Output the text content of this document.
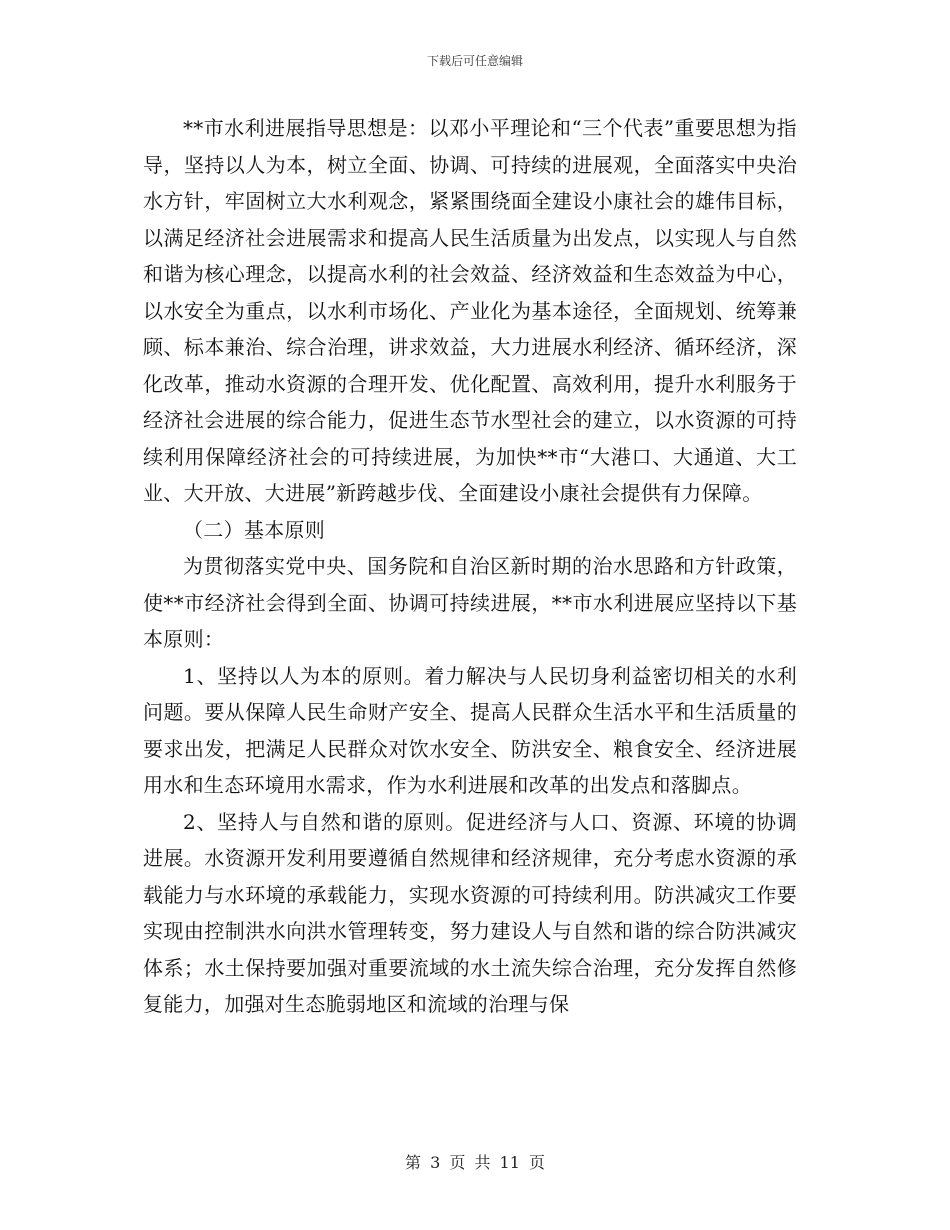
下载后可任意编辑

**市水利进展指导思想是：以邓小平理论和“三个代表”重要思想为指导，坚持以人为本，树立全面、协调、可持续的进展观，全面落实中央治水方针，牢固树立大水利观念，紧紧围绕面全建设小康社会的雄伟目标，以满足经济社会进展需求和提高人民生活质量为出发点，以实现人与自然和谐为核心理念，以提高水利的社会效益、经济效益和生态效益为中心，以水安全为重点，以水利市场化、产业化为基本途径，全面规划、统筹兼顾、标本兼治、综合治理，讲求效益，大力进展水利经济、循环经济，深化改革，推动水资源的合理开发、优化配置、高效利用，提升水利服务于经济社会进展的综合能力，促进生态节水型社会的建立，以水资源的可持续利用保障经济社会的可持续进展，为加快**市“大港口、大通道、大工业、大开放、大进展”新跨越步伐、全面建设小康社会提供有力保障。

（二）基本原则

为贯彻落实党中央、国务院和自治区新时期的治水思路和方针政策，使**市经济社会得到全面、协调可持续进展，**市水利进展应坚持以下基本原则：

1、坚持以人为本的原则。着力解决与人民切身利益密切相关的水利问题。要从保障人民生命财产安全、提高人民群众生活水平和生活质量的要求出发，把满足人民群众对饮水安全、防洪安全、粮食安全、经济进展用水和生态环境用水需求，作为水利进展和改革的出发点和落脚点。

2、坚持人与自然和谐的原则。促进经济与人口、资源、环境的协调进展。水资源开发利用要遵循自然规律和经济规律，充分考虑水资源的承载能力与水环境的承载能力，实现水资源的可持续利用。防洪减灾工作要实现由控制洪水向洪水管理转变，努力建设人与自然和谐的综合防洪减灾体系；水土保持要加强对重要流域的水土流失综合治理，充分发挥自然修复能力，加强对生态脆弱地区和流域的治理与保

第 3 页 共 11 页
